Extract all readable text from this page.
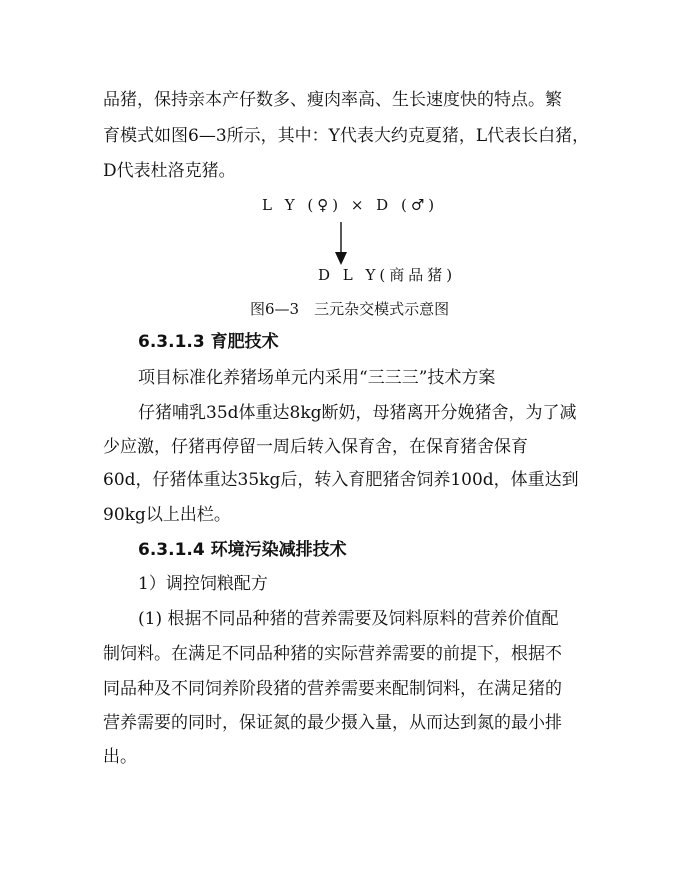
品猪，保持亲本产仔数多、瘦肉率高、生长速度快的特点。繁
育模式如图6—3所示，其中：Y代表大约克夏猪，L代表长白猪，
D代表杜洛克猪。
L Y (♀) × D (♂)
D L Y(商品猪)
图6—3　三元杂交模式示意图
6.3.1.3 育肥技术
项目标准化养猪场单元内采用“三三三”技术方案
仔猪哺乳35d体重达8kg断奶，母猪离开分娩猪舍，为了减
少应激，仔猪再停留一周后转入保育舍，在保育猪舍保育
60d，仔猪体重达35kg后，转入育肥猪舍饲养100d，体重达到
90kg以上出栏。
6.3.1.4 环境污染减排技术
1）调控饲粮配方
(1) 根据不同品种猪的营养需要及饲料原料的营养价值配
制饲料。在满足不同品种猪的实际营养需要的前提下，根据不
同品种及不同饲养阶段猪的营养需要来配制饲料，在满足猪的
营养需要的同时，保证氮的最少摄入量，从而达到氮的最小排
出。
